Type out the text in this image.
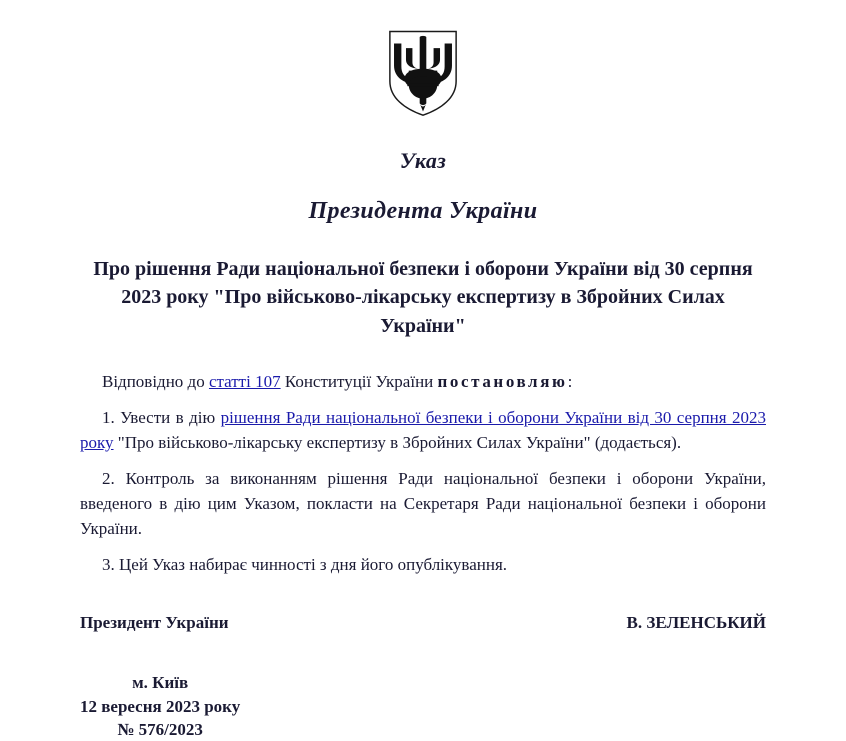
Указ
Президента України
Про рішення Ради національної безпеки і оборони України від 30 серпня 2023 року "Про військово-лікарську експертизу в Збройних Силах України"

Відповідно до статті 107 Конституції України постановляю:

1. Увести в дію рішення Ради національної безпеки і оборони України від 30 серпня 2023 року "Про військово-лікарську експертизу в Збройних Силах України" (додається).

2. Контроль за виконанням рішення Ради національної безпеки і оборони України, введеного в дію цим Указом, покласти на Секретаря Ради національної безпеки і оборони України.

3. Цей Указ набирає чинності з дня його опублікування.

Президент України	В. ЗЕЛЕНСЬКИЙ
м. Київ
12 вересня 2023 року
№ 576/2023
